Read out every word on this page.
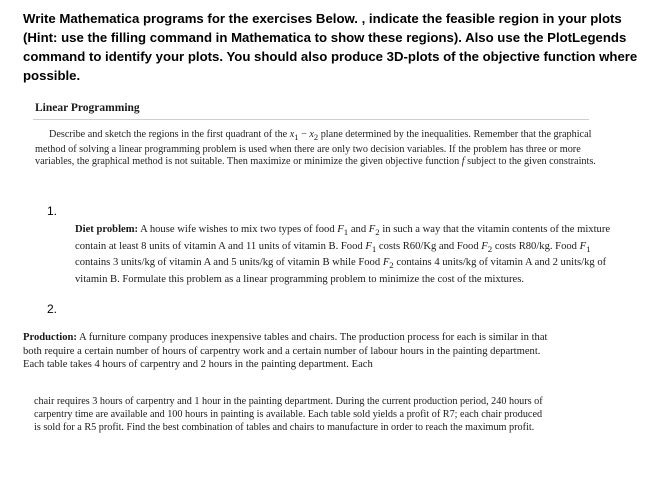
Write Mathematica programs for the exercises Below. , indicate the feasible region in your plots (Hint: use the filling command in Mathematica to show these regions). Also use the PlotLegends command to identify your plots. You should also produce 3D-plots of the objective function where possible.
Linear Programming
Describe and sketch the regions in the first quadrant of the $x_1 - x_2$ plane determined by the inequalities. Remember that the graphical method of solving a linear programming problem is used when there are only two decision variables. If the problem has three or more variables, the graphical method is not suitable. Then maximize or minimize the given objective function f subject to the given constraints.
1.
Diet problem: A house wife wishes to mix two types of food $F_1$ and $F_2$ in such a way that the vitamin contents of the mixture contain at least 8 units of vitamin A and 11 units of vitamin B. Food $F_1$ costs R60/Kg and Food $F_2$ costs R80/kg. Food $F_1$ contains 3 units/kg of vitamin A and 5 units/kg of vitamin B while Food $F_2$ contains 4 units/kg of vitamin A and 2 units/kg of vitamin B. Formulate this problem as a linear programming problem to minimize the cost of the mixtures.
2.
Production: A furniture company produces inexpensive tables and chairs. The production process for each is similar in that both require a certain number of hours of carpentry work and a certain number of labour hours in the painting department. Each table takes 4 hours of carpentry and 2 hours in the painting department. Each
chair requires 3 hours of carpentry and 1 hour in the painting department. During the current production period, 240 hours of carpentry time are available and 100 hours in painting is available. Each table sold yields a profit of R7; each chair produced is sold for a R5 profit. Find the best combination of tables and chairs to manufacture in order to reach the maximum profit.
